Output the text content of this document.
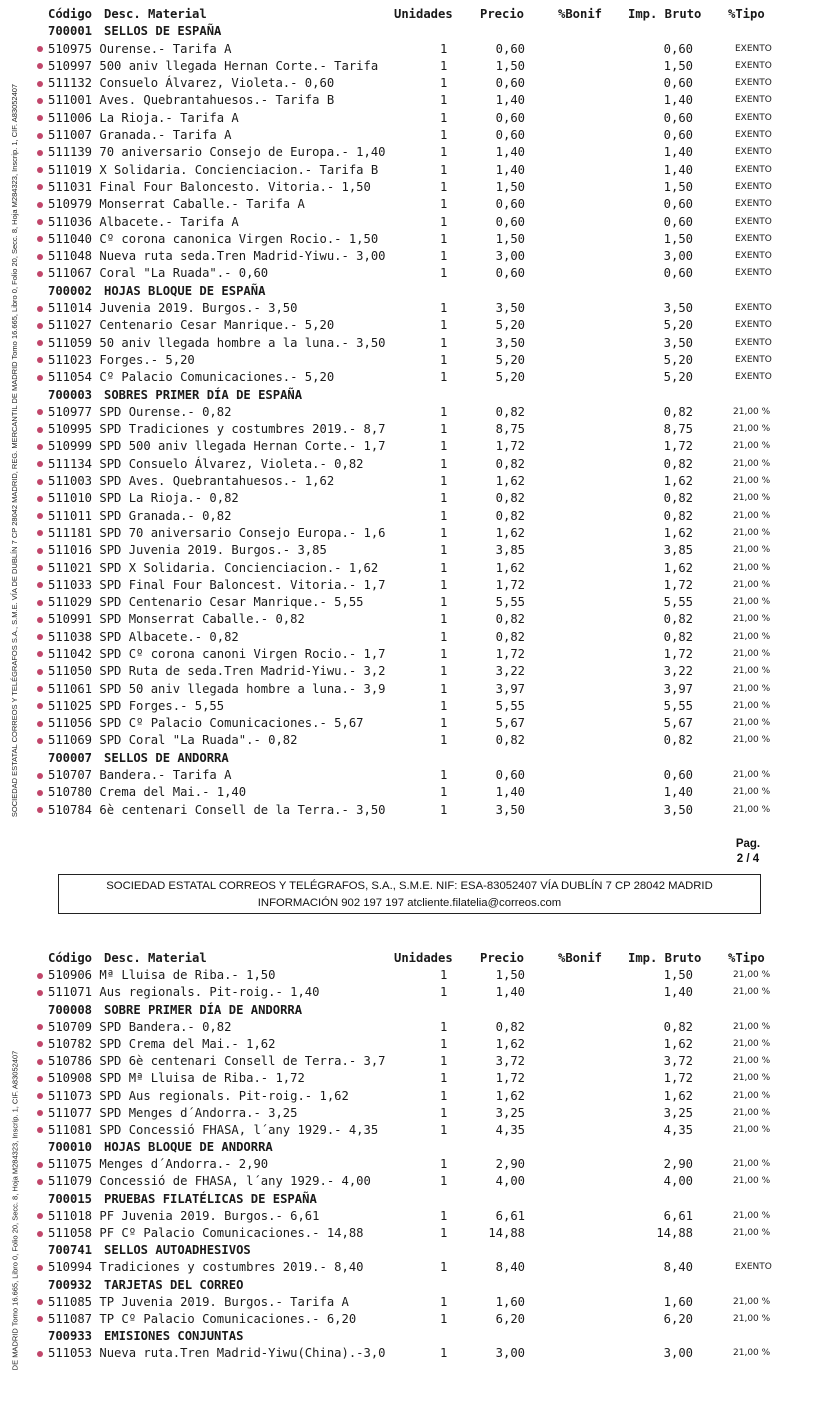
SOCIEDAD ESTATAL CORREOS Y TELÉGRAFOS S.A., S.M.E. VÍA DE DUBLÍN 7 CP 28042 MADRID, REG. MERCANTIL DE MADRID Tomo 16.665, Libro 0, Folio 20, Secc. 8, Hoja M284323, Inscrip. 1, CIF. A83052407
DE MADRID Tomo 16.665, Libro 0, Folio 20, Secc. 8, Hoja M284323, Inscrip. 1, CIF. A83052407
Código Desc. Material	Unidades Precio	%Bonif Imp. Bruto %Tipo
700001 SELLOS DE ESPAÑA
510975 Ourense.- Tarifa A	1	0,60	0,60	EXENTO
510997 500 aniv llegada Hernan Corte.- Tarifa	1	1,50	1,50	EXENTO
511132 Consuelo Álvarez, Violeta.- 0,60	1	0,60	0,60	EXENTO
511001 Aves. Quebrantahuesos.- Tarifa B	1	1,40	1,40	EXENTO
511006 La Rioja.- Tarifa A	1	0,60	0,60	EXENTO
511007 Granada.- Tarifa A	1	0,60	0,60	EXENTO
511139 70 aniversario Consejo de Europa.- 1,40	1	1,40	1,40	EXENTO
511019 X Solidaria. Concienciacion.- Tarifa B	1	1,40	1,40	EXENTO
511031 Final Four Baloncesto. Vitoria.- 1,50	1	1,50	1,50	EXENTO
510979 Monserrat Caballe.- Tarifa A	1	0,60	0,60	EXENTO
511036 Albacete.- Tarifa A	1	0,60	0,60	EXENTO
511040 Cº corona canonica Virgen Rocio.- 1,50	1	1,50	1,50	EXENTO
511048 Nueva ruta seda.Tren Madrid-Yiwu.- 3,00	1	3,00	3,00	EXENTO
511067 Coral "La Ruada".- 0,60	1	0,60	0,60	EXENTO
700002 HOJAS BLOQUE DE ESPAÑA
511014 Juvenia 2019. Burgos.- 3,50	1	3,50	3,50	EXENTO
511027 Centenario Cesar Manrique.- 5,20	1	5,20	5,20	EXENTO
511059 50 aniv llegada hombre a la luna.- 3,50	1	3,50	3,50	EXENTO
511023 Forges.- 5,20	1	5,20	5,20	EXENTO
511054 Cº Palacio Comunicaciones.- 5,20	1	5,20	5,20	EXENTO
700003 SOBRES PRIMER DÍA DE ESPAÑA
510977 SPD Ourense.- 0,82	1	0,82	0,82	21,00 %
510995 SPD Tradiciones y costumbres 2019.- 8,7	1	8,75	8,75	21,00 %
510999 SPD 500 aniv llegada Hernan Corte.- 1,7	1	1,72	1,72	21,00 %
511134 SPD Consuelo Álvarez, Violeta.- 0,82	1	0,82	0,82	21,00 %
511003 SPD Aves. Quebrantahuesos.- 1,62	1	1,62	1,62	21,00 %
511010 SPD La Rioja.- 0,82	1	0,82	0,82	21,00 %
511011 SPD Granada.- 0,82	1	0,82	0,82	21,00 %
511181 SPD 70 aniversario Consejo Europa.- 1,6	1	1,62	1,62	21,00 %
511016 SPD Juvenia 2019. Burgos.- 3,85	1	3,85	3,85	21,00 %
511021 SPD X Solidaria. Concienciacion.- 1,62	1	1,62	1,62	21,00 %
511033 SPD Final Four Baloncest. Vitoria.- 1,7	1	1,72	1,72	21,00 %
511029 SPD Centenario Cesar Manrique.- 5,55	1	5,55	5,55	21,00 %
510991 SPD Monserrat Caballe.- 0,82	1	0,82	0,82	21,00 %
511038 SPD Albacete.- 0,82	1	0,82	0,82	21,00 %
511042 SPD Cº corona canoni Virgen Rocio.- 1,7	1	1,72	1,72	21,00 %
511050 SPD Ruta de seda.Tren Madrid-Yiwu.- 3,2	1	3,22	3,22	21,00 %
511061 SPD 50 aniv llegada hombre a luna.- 3,9	1	3,97	3,97	21,00 %
511025 SPD Forges.- 5,55	1	5,55	5,55	21,00 %
511056 SPD Cº Palacio Comunicaciones.- 5,67	1	5,67	5,67	21,00 %
511069 SPD Coral "La Ruada".- 0,82	1	0,82	0,82	21,00 %
700007 SELLOS DE ANDORRA
510707 Bandera.- Tarifa A	1	0,60	0,60	21,00 %
510780 Crema del Mai.- 1,40	1	1,40	1,40	21,00 %
510784 6è centenari Consell de la Terra.- 3,50	1	3,50	3,50	21,00 %
Pag.
2 / 4
SOCIEDAD ESTATAL CORREOS Y TELÉGRAFOS, S.A., S.M.E. NIF: ESA-83052407 VÍA DUBLÍN 7 CP 28042 MADRID
INFORMACIÓN 902 197 197 atcliente.filatelia@correos.com
Código Desc. Material	Unidades Precio	%Bonif Imp. Bruto %Tipo
510906 Mª Lluisa de Riba.- 1,50	1	1,50	1,50	21,00 %
511071 Aus regionals. Pit-roig.- 1,40	1	1,40	1,40	21,00 %
700008 SOBRE PRIMER DÍA DE ANDORRA
510709 SPD Bandera.- 0,82	1	0,82	0,82	21,00 %
510782 SPD Crema del Mai.- 1,62	1	1,62	1,62	21,00 %
510786 SPD 6è centenari Consell de Terra.- 3,7	1	3,72	3,72	21,00 %
510908 SPD Mª Lluisa de Riba.- 1,72	1	1,72	1,72	21,00 %
511073 SPD Aus regionals. Pit-roig.- 1,62	1	1,62	1,62	21,00 %
511077 SPD Menges d´Andorra.- 3,25	1	3,25	3,25	21,00 %
511081 SPD Concessió FHASA, l´any 1929.- 4,35	1	4,35	4,35	21,00 %
700010 HOJAS BLOQUE DE ANDORRA
511075 Menges d´Andorra.- 2,90	1	2,90	2,90	21,00 %
511079 Concessió de FHASA, l´any 1929.- 4,00	1	4,00	4,00	21,00 %
700015 PRUEBAS FILATÉLICAS DE ESPAÑA
511018 PF Juvenia 2019. Burgos.- 6,61	1	6,61	6,61	21,00 %
511058 PF Cº Palacio Comunicaciones.- 14,88	1	14,88	14,88	21,00 %
700741 SELLOS AUTOADHESIVOS
510994 Tradiciones y costumbres 2019.- 8,40	1	8,40	8,40	EXENTO
700932 TARJETAS DEL CORREO
511085 TP Juvenia 2019. Burgos.- Tarifa A	1	1,60	1,60	21,00 %
511087 TP Cº Palacio Comunicaciones.- 6,20	1	6,20	6,20	21,00 %
700933 EMISIONES CONJUNTAS
511053 Nueva ruta.Tren Madrid-Yiwu(China).-3,0	1	3,00	3,00	21,00 %
